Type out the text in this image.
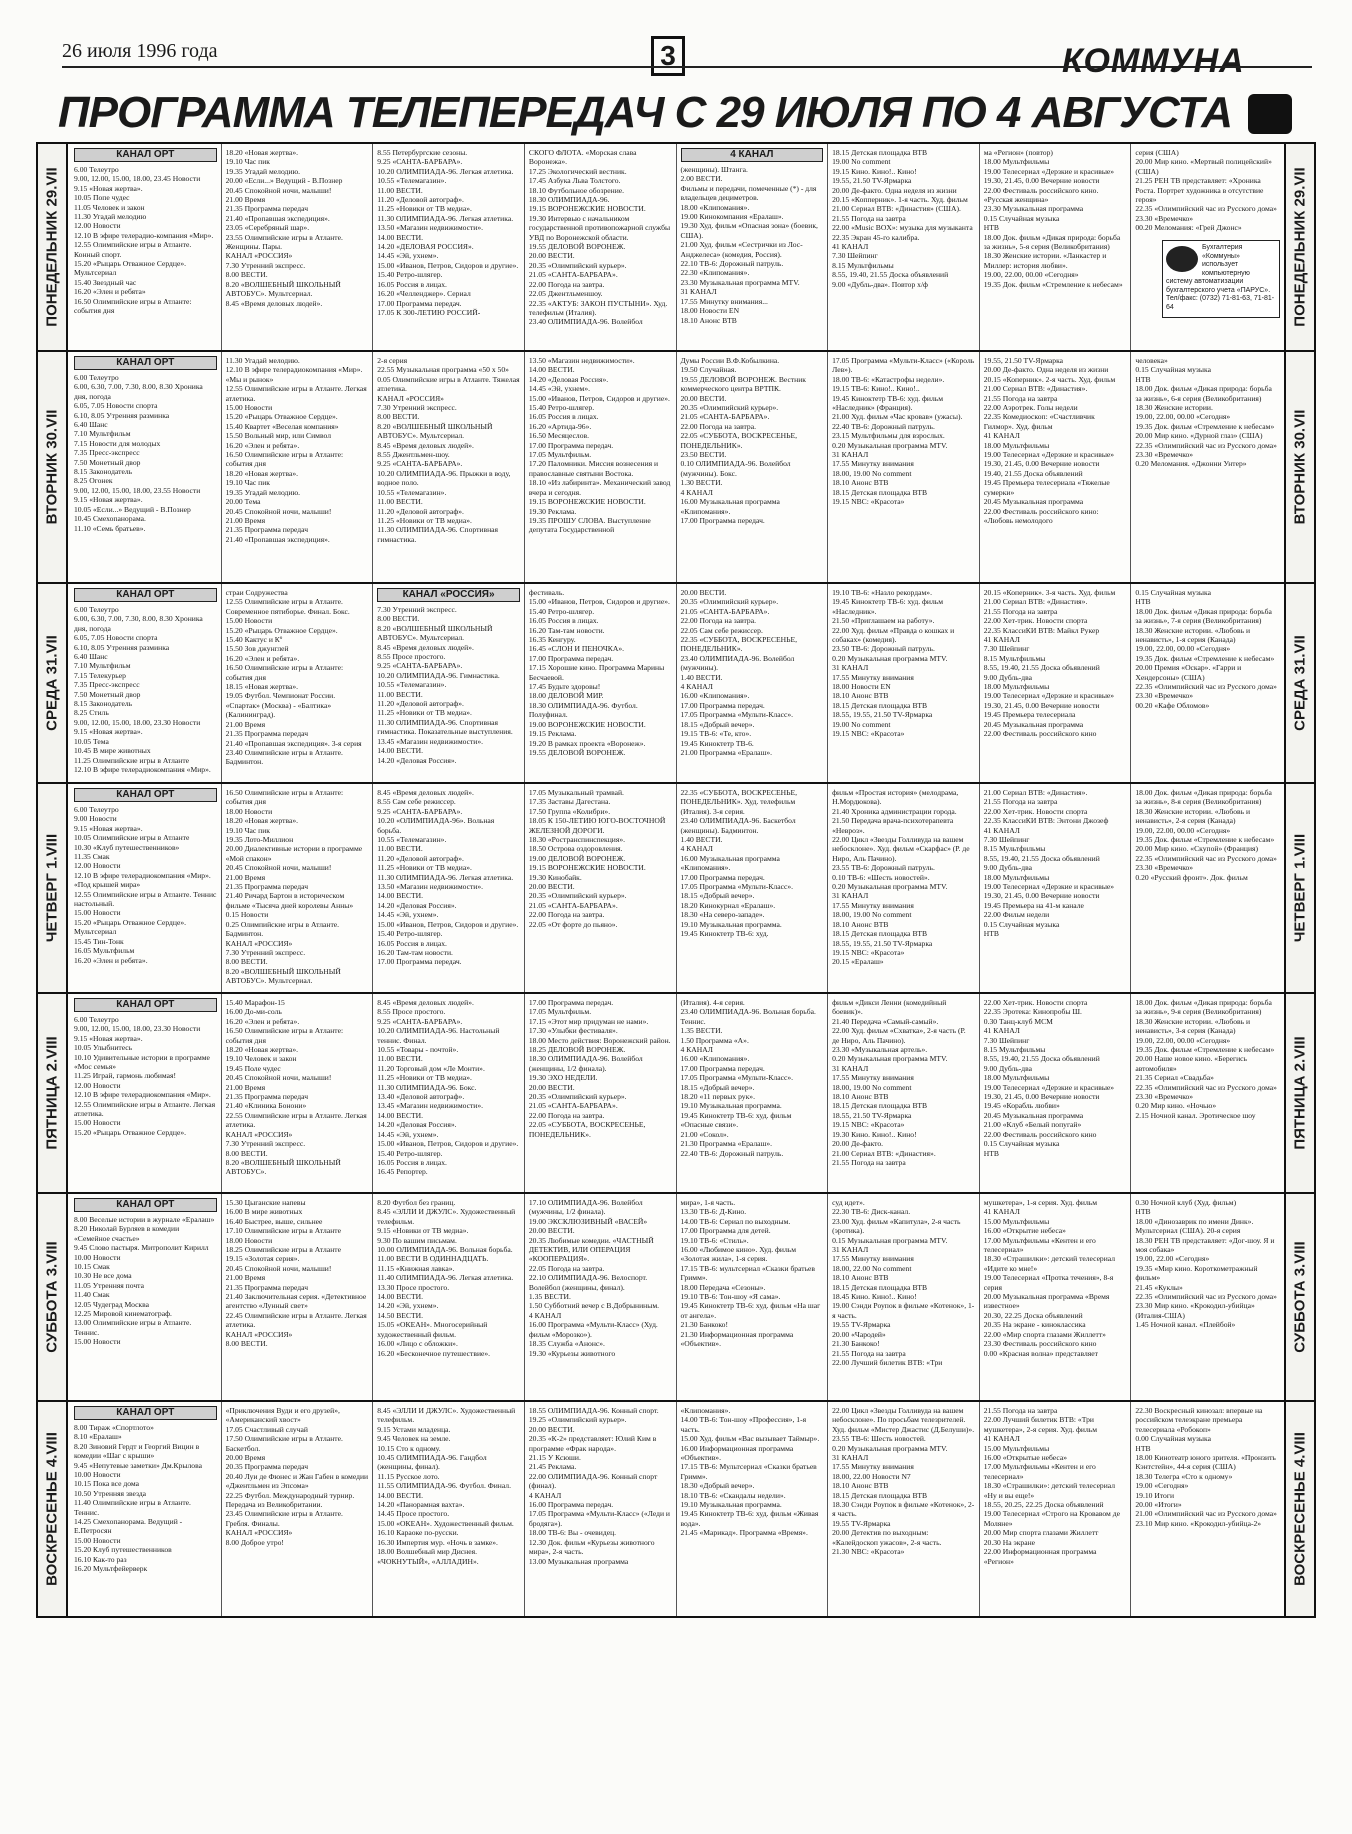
26 июля 1996 года	3	КОММУНА
ПРОГРАММА ТЕЛЕПЕРЕДАЧ С 29 ИЮЛЯ ПО 4 АВГУСТА
ПОНЕДЕЛЬНИК 29.VII
КАНАЛ ОРТ
6.00 Телеутро
9.00, 12.00, 15.00, 18.00, 23.45 Новости
9.15 «Новая жертва».
10.05 Попе чудес
11.05 Человек и закон
11.30 Угадай мелодию
12.00 Новости
12.10 В эфире телерадио-компания «Мир».
12.55 Олимпийские игры в Атланте. Конный спорт.
15.20 «Рыцарь Отважное Сердце». Мультсериал
15.40 Звездный час
16.20 «Элен и ребята»
16.50 Олимпийские игры в Атланте: события дня
18.20 «Новая жертва».
19.10 Час пик
19.35 Угадай мелодию.
20.00 «Если...» Ведущий - В.Познер
20.45 Спокойной ночи, малыши!
21.00 Время
21.35 Программа передач
21.40 «Пропавшая экспедиция».
23.05 «Серебряный шар».
23.55 Олимпийские игры в Атланте. Женщины. Пары.
КАНАЛ «РОССИЯ»
7.30 Утренний экспресс.
8.00 ВЕСТИ.
8.20 «ВОЛШЕБНЫЙ ШКОЛЬНЫЙ АВТОБУС». Мультсериал.
8.45 «Время деловых людей».
8.55 Петербургские сезоны.
9.25 «САНТА-БАРБАРА».
10.20 ОЛИМПИАДА-96. Легкая атлетика.
10.55 «Телемагазин».
11.00 ВЕСТИ.
11.20 «Деловой автограф».
11.25 «Новики от ТВ медиа».
11.30 ОЛИМПИАДА-96. Легкая атлетика.
13.50 «Магазин недвижимости».
14.00 ВЕСТИ.
14.20 «ДЕЛОВАЯ РОССИЯ».
14.45 «Эй, ухнем».
15.00 «Иванов, Петров, Сидоров и другие».
15.40 Ретро-шлягер.
16.05 Россия в лицах.
16.20 «Челленджер». Сериал
17.00 Программа передач.
17.05 К 300-ЛЕТИЮ РОССИЙ-
СКОГО ФЛОТА. «Морская слава Воронежа».
17.25 Экологический вестник.
17.45 Азбука Льва Толстого.
18.10 Футбольное обозрение.
18.30 ОЛИМПИАДА-96.
19.15 ВОРОНЕЖСКИЕ НОВОСТИ.
19.30 Интервью с начальником государственной противопожарной службы УВД по Воронежской области.
19.55 ДЕЛОВОЙ ВОРОНЕЖ.
20.00 ВЕСТИ.
20.35 «Олимпийский курьер».
21.05 «САНТА-БАРБАРА».
22.00 Погода на завтра.
22.05 Джентльменшоу.
22.35 «АКТУБ: ЗАКОН ПУСТЫНИ». Худ. телефильм (Италия).
23.40 ОЛИМПИАДА-96. Волейбол
4 КАНАЛ
(женщины). Штанга.
2.00 ВЕСТИ.
Фильмы и передачи, помеченные (*) - для владельцев дециметров.
18.00 «Клипомания».
19.00 Кинокомпания «Ералаш».
19.30 Худ. фильм «Опасная зона» (боевик, США).
21.00 Худ. фильм «Сестрички из Лос-Анджелеса» (комедия, Россия).
22.10 ТВ-6: Дорожный патруль.
22.30 «Клипомания».
23.30 Музыкальная программа MTV.
31 КАНАЛ
17.55 Минутку внимания...
18.00 Новости EN
18.10 Анонс ВТВ
18.15 Детская площадка ВТВ
19.00 No comment
19.15 Кино. Кино!.. Кино!
19.55, 21.50 TV-Ярмарка
20.00 Де-факто. Одна неделя из жизни
20.15 «Копперник». 1-я часть. Худ. фильм
21.00 Сериал ВТВ: «Династия» (США).
21.55 Погода на завтра
22.00 «Music BOX»: музыка для музыканта
22.35 Экран 45-го калибра.
41 КАНАЛ
7.30 Шейпинг
8.15 Мультфильмы
8.55, 19.40, 21.55 Доска объявлений
9.00 «Дубль-два». Повтор х/ф
ма «Регион» (повтор)
18.00 Мультфильмы
19.00 Телесериал «Дерзкие и красивые»
19.30, 21.45, 0.00 Вечерние новости
22.00 Фестиваль российского кино. «Русская женщина»
23.30 Музыкальная программа
0.15 Случайная музыка
НТВ
18.00 Док. фильм «Дикая природа: борьба за жизнь», 5-я серия (Великобритания)
18.30 Женские истории. «Ланкастер и Миллер: история любви».
19.00, 22.00, 00.00 «Сегодня»
19.35 Док. фильм «Стремление к небесам»
серия (США)
20.00 Мир кино. «Мертвый полицейский» (США)
21.25 РЕН ТВ представляет: «Хроника Роста. Портрет художника в отсутствие героя»
22.35 «Олимпийский час из Русского дома»
23.30 «Времечко»
00.20 Меломания: «Грей Джонс»	ПОНЕДЕЛЬНИК 29.VII
Бухгалтерия «Коммуны» использует компьютерную систему автоматизации бухгалтерского учета «ПАРУС». Тел/факс: (0732) 71-81-63, 71-81-64
ВТОРНИК 30.VII
КАНАЛ ОРТ
6.00 Телеутро
6.00, 6.30, 7.00, 7.30, 8.00, 8.30 Хроника дня, погода
6.05, 7.05 Новости спорта
6.10, 8.05 Утренняя разминка
6.40 Шанс
7.10 Мультфильм
7.15 Новости для молодых
7.35 Пресс-экспресс
7.50 Монетный двор
8.15 Законодатель
8.25 Огонек
9.00, 12.00, 15.00, 18.00, 23.55 Новости
9.15 «Новая жертва».
10.05 «Если...» Ведущий - В.Познер
10.45 Смехопанорама.
11.10 «Семь братьев».
11.30 Угадай мелодию.
12.10 В эфире телерадиокомпания «Мир». «Мы и рынок»
12.55 Олимпийские игры в Атланте. Легкая атлетика.
15.00 Новости
15.20 «Рыцарь Отважное Сердце».
15.40 Квартет «Веселая компания»
15.50 Вольный мир, или Символ
16.20 «Элен и ребята».
16.50 Олимпийские игры в Атланте: события дня
18.20 «Новая жертва».
19.10 Час пик
19.35 Угадай мелодию.
20.00 Тема
20.45 Спокойной ночи, малыши!
21.00 Время
21.35 Программа передач
21.40 «Пропавшая экспедиция».
2-я серия
22.55 Музыкальная программа «50 х 50»
0.05 Олимпийские игры в Атланте. Тяжелая атлетика.
КАНАЛ «РОССИЯ»
7.30 Утренний экспресс.
8.00 ВЕСТИ.
8.20 «ВОЛШЕБНЫЙ ШКОЛЬНЫЙ АВТОБУС». Мультсериал.
8.45 «Время деловых людей».
8.55 Джентльмен-шоу.
9.25 «САНТА-БАРБАРА».
10.20 ОЛИМПИАДА-96. Прыжки в воду, водное поло.
10.55 «Телемагазин».
11.00 ВЕСТИ.
11.20 «Деловой автограф».
11.25 «Новики от ТВ медиа».
11.30 ОЛИМПИАДА-96. Спортивная гимнастика.
13.50 «Магазин недвижимости».
14.00 ВЕСТИ.
14.20 «Деловая Россия».
14.45 «Эй, ухнем».
15.00 «Иванов, Петров, Сидоров и другие».
15.40 Ретро-шлягер.
16.05 Россия в лицах.
16.20 «Артида-96».
16.50 Месяцеслов.
17.00 Программа передач.
17.05 Мультфильм.
17.20 Паломники. Миссия вознесения и православные святыни Востока.
18.10 «Из лабиринта». Механический завод вчера и сегодня.
19.15 ВОРОНЕЖСКИЕ НОВОСТИ.
19.30 Реклама.
19.35 ПРОШУ СЛОВА. Выступление депутата Государственной
Думы России В.Ф.Кобылкина.
19.50 Случайная.
19.55 ДЕЛОВОЙ ВОРОНЕЖ. Вестник коммерческого центра ВРТПК.
20.00 ВЕСТИ.
20.35 «Олимпийский курьер».
21.05 «САНТА-БАРБАРА».
22.00 Погода на завтра.
22.05 «СУББОТА, ВОСКРЕСЕНЬЕ, ПОНЕДЕЛЬНИК».
23.50 ВЕСТИ.
0.10 ОЛИМПИАДА-96. Волейбол (мужчины). Бокс.
1.30 ВЕСТИ.
4 КАНАЛ
16.00 Музыкальная программа «Клипомания».
17.00 Программа передач.
17.05 Программа «Мульти-Класс» («Король Лев»).
18.00 ТВ-6: «Катастрофы недели».
19.15 ТВ-6: Кино!.. Кино!..
19.45 Киноктетр ТВ-6: худ. фильм «Наследник» (Франция).
21.00 Худ. фильм «Час кровав» (ужасы).
22.40 ТВ-6: Дорожный патруль.
23.15 Мультфильмы для взрослых.
0.20 Музыкальная программа MTV.
31 КАНАЛ
17.55 Минутку внимания
18.00, 19.00 No comment
18.10 Анонс ВТВ
18.15 Детская площадка ВТВ
19.15 NBC: «Красота»
19.55, 21.50 TV-Ярмарка
20.00 Де-факто. Одна неделя из жизни
20.15 «Коперник». 2-я часть. Худ. фильм
21.00 Сериал ВТВ: «Династия».
21.55 Погода на завтра
22.00 Аэротрек. Голы недели
22.35 Комедиоскоп: «Счастливчик Гилмор». Худ. фильм
41 КАНАЛ
18.00 Мультфильмы
19.00 Телесериал «Дерзкие и красивые»
19.30, 21.45, 0.00 Вечерние новости
19.40, 21.55 Доска объявлений
19.45 Премьера телесериала «Тяжелые сумерки»
20.45 Музыкальная программа
22.00 Фестиваль российского кино: «Любовь немолодого
человека»
0.15 Случайная музыка
НТВ
18.00 Док. фильм «Дикая природа: борьба за жизнь», 6-я серия (Великобритания)
18.30 Женские истории.
19.00, 22.00, 00.00 «Сегодня»
19.35 Док. фильм «Стремление к небесам»
20.00 Мир кино. «Дурной глаз» (США)
22.35 «Олимпийский час из Русского дома»
23.30 «Времечко»
0.20 Меломания. «Джонни Унтер»	ВТОРНИК 30.VII
СРЕДА 31.VII
КАНАЛ ОРТ
6.00 Телеутро
6.00, 6.30, 7.00, 7.30, 8.00, 8.30 Хроника дня, погода
6.05, 7.05 Новости спорта
6.10, 8.05 Утренняя разминка
6.40 Шанс
7.10 Мультфильм
7.15 Телекурьер
7.35 Пресс-экспресс
7.50 Монетный двор
8.15 Законодатель
8.25 Стиль
9.00, 12.00, 15.00, 18.00, 23.30 Новости
9.15 «Новая жертва».
10.05 Тема
10.45 В мире животных
11.25 Олимпийские игры в Атланте
12.10 В эфире телерадиокомпания «Мир».
страи Содружества
12.55 Олимпийские игры в Атланте. Современное пятиборье. Финал. Бокс.
15.00 Новости
15.20 «Рыцарь Отважное Сердце».
15.40 Кактус и Кº
15.50 Зов джунглей
16.20 «Элен и ребята».
16.50 Олимпийские игры в Атланте: события дня
18.15 «Новая жертва».
19.05 Футбол. Чемпионат России. «Спартак» (Москва) - «Балтика» (Калининград).
21.00 Время
21.35 Программа передач
21.40 «Пропавшая экспедиция». 3-я серия
23.40 Олимпийские игры в Атланте. Бадминтон.
КАНАЛ «РОССИЯ»
7.30 Утренний экспресс.
8.00 ВЕСТИ.
8.20 «ВОЛШЕБНЫЙ ШКОЛЬНЫЙ АВТОБУС». Мультсериал.
8.45 «Время деловых людей».
8.55 Просе простого.
9.25 «САНТА-БАРБАРА».
10.20 ОЛИМПИАДА-96. Гимнастика.
10.55 «Телемагазин».
11.00 ВЕСТИ.
11.20 «Деловой автограф».
11.25 «Новики от ТВ медиа».
11.30 ОЛИМПИАДА-96. Спортивная гимнастика. Показательные выступления.
13.45 «Магазин недвижимости».
14.00 ВЕСТИ.
14.20 «Деловая Россия».
фестиваль.
15.00 «Иванов, Петров, Сидоров и другие».
15.40 Ретро-шлягер.
16.05 Россия в лицах.
16.20 Там-там новости.
16.35 Кенгуру.
16.45 «СЛОН И ПЕНОЧКА».
17.00 Программа передач.
17.15 Хорошие кино. Программа Марины Бесчаевой.
17.45 Будьте здоровы!
18.00 ДЕЛОВОЙ МИР.
18.30 ОЛИМПИАДА-96. Футбол. Полуфинал.
19.00 ВОРОНЕЖСКИЕ НОВОСТИ.
19.15 Реклама.
19.20 В рамках проекта «Воронеж».
19.55 ДЕЛОВОЙ ВОРОНЕЖ.
20.00 ВЕСТИ.
20.35 «Олимпийский курьер».
21.05 «САНТА-БАРБАРА».
22.00 Погода на завтра.
22.05 Сам себе режиссер.
22.35 «СУББОТА, ВОСКРЕСЕНЬЕ, ПОНЕДЕЛЬНИК».
23.40 ОЛИМПИАДА-96. Волейбол (мужчины).
1.40 ВЕСТИ.
4 КАНАЛ
16.00 «Клипомания».
17.00 Программа передач.
17.05 Программа «Мульти-Класс».
18.15 «Добрый вечер».
19.15 ТВ-6: «Те, кто».
19.45 Киноктетр ТВ-6.
21.00 Программа «Ералаш».
19.10 ТВ-6: «Назло рекордам».
19.45 Киноктетр ТВ-6: худ. фильм «Наследник».
21.50 «Приглашаем на работу».
22.00 Худ. фильм «Правда о кошках и собаках» (комедия).
23.50 ТВ-6: Дорожный патруль.
0.20 Музыкальная программа MTV.
31 КАНАЛ
17.55 Минутку внимания
18.00 Новости EN
18.10 Анонс ВТВ
18.15 Детская площадка ВТВ
18.55, 19.55, 21.50 TV-Ярмарка
19.00 No comment
19.15 NBC: «Красота»
20.15 «Коперник». 3-я часть. Худ. фильм
21.00 Сериал ВТВ: «Династия».
21.55 Погода на завтра
22.00 Хет-трик. Новости спорта
22.35 КлассиКИ ВТВ: Майкл Рукер
41 КАНАЛ
7.30 Шейпинг
8.15 Мультфильмы
8.55, 19.40, 21.55 Доска объявлений
9.00 Дубль-два
18.00 Мультфильмы
19.00 Телесериал «Дерзкие и красивые»
19.30, 21.45, 0.00 Вечерние новости
19.45 Премьера телесериала
20.45 Музыкальная программа
22.00 Фестиваль российского кино
0.15 Случайная музыка
НТВ
18.00 Док. фильм «Дикая природа: борьба за жизнь», 7-я серия (Великобритания)
18.30 Женские истории. «Любовь и ненависть», 1-я серия (Канада)
19.00, 22.00, 00.00 «Сегодня»
19.35 Док. фильм «Стремление к небесам»
20.00 Премия «Оскар». «Гарри и Хендерсоны» (США)
22.35 «Олимпийский час из Русского дома»
23.30 «Времечко»
00.20 «Кафе Обломов»	СРЕДА 31.VII
ЧЕТВЕРГ 1.VIII
КАНАЛ ОРТ
6.00 Телеутро
9.00 Новости
9.15 «Новая жертва».
10.05 Олимпийские игры в Атланте
10.30 «Клуб путешественников»
11.35 Смак
12.00 Новости
12.10 В эфире телерадиокомпания «Мир». «Под крышей мира»
12.55 Олимпийские игры в Атланте. Теннис настольный.
15.00 Новости
15.20 «Рыцарь Отважное Сердце». Мультсериал
15.45 Тин-Тонк
16.05 Мультфильм
16.20 «Элен и ребята».
16.50 Олимпийские игры в Атланте: события дня
18.00 Новости
18.20 «Новая жертва».
19.10 Час пик
19.35 Лото-Миллион
20.00 Диалективные истории в программе «Мой спакон»
20.45 Спокойной ночи, малыши!
21.00 Время
21.35 Программа передач
21.40 Ричард Бартон в историческом фильме «Тысяча дней королевы Анны»
0.15 Новости
0.25 Олимпийские игры в Атланте. Бадминтон.
КАНАЛ «РОССИЯ»
7.30 Утренний экспресс.
8.00 ВЕСТИ.
8.20 «ВОЛШЕБНЫЙ ШКОЛЬНЫЙ АВТОБУС». Мультсериал.
8.45 «Время деловых людей».
8.55 Сам себе режиссер.
9.25 «САНТА-БАРБАРА».
10.20 «ОЛИМПИАДА-96». Вольная борьба.
10.55 «Телемагазин».
11.00 ВЕСТИ.
11.20 «Деловой автограф».
11.25 «Новики от ТВ медиа».
11.30 ОЛИМПИАДА-96. Легкая атлетика.
13.50 «Магазин недвижимости».
14.00 ВЕСТИ.
14.20 «Деловая Россия».
14.45 «Эй, ухнем».
15.00 «Иванов, Петров, Сидоров и другие».
15.40 Ретро-шлягер.
16.05 Россия в лицах.
16.20 Там-там новости.
17.00 Программа передач.
17.05 Музыкальный трамвай.
17.35 Заставы Дагестана.
17.50 Группа «Колибри».
18.05 К 150-ЛЕТИЮ ЮГО-ВОСТОЧНОЙ ЖЕЛЕЗНОЙ ДОРОГИ.
18.30 «Ространспинспекция».
18.50 Острова оздоровления.
19.00 ДЕЛОВОЙ ВОРОНЕЖ.
19.15 ВОРОНЕЖСКИЕ НОВОСТИ.
19.30 Кинобайк.
20.00 ВЕСТИ.
20.35 «Олимпийский курьер».
21.05 «САНТА-БАРБАРА».
22.00 Погода на завтра.
22.05 «От форте до пьяно».
22.35 «СУББОТА, ВОСКРЕСЕНЬЕ, ПОНЕДЕЛЬНИК». Худ. телефильм (Италия). 3-я серия.
23.40 ОЛИМПИАДА-96. Баскетбол (женщины). Бадминтон.
1.40 ВЕСТИ.
4 КАНАЛ
16.00 Музыкальная программа «Клипомания».
17.00 Программа передач.
17.05 Программа «Мульти-Класс».
18.15 «Добрый вечер».
18.20 Кинокурнал «Ералаш».
18.30 «На северо-западе».
19.10 Музыкальная программа.
19.45 Киноктетр ТВ-6: худ.
фильм «Простая история» (мелодрама, Н.Мордюкова).
21.40 Хроника администрации города.
21.50 Передача врача-психотерапевта «Невроз».
22.00 Цикл «Звезды Голливуда на вашем небосклоне». Худ. фильм «Скарфас» (Р. де Ниро, Аль Пачино).
23.55 ТВ-6: Дорожный патруль.
0.10 ТВ-6: «Шесть новостей».
0.20 Музыкальная программа MTV.
31 КАНАЛ
17.55 Минутку внимания
18.00, 19.00 No comment
18.10 Анонс ВТВ
18.15 Детская площадка ВТВ
18.55, 19.55, 21.50 TV-Ярмарка
19.15 NBC: «Красота»
20.15 «Ералаш»
21.00 Сериал ВТВ: «Династия».
21.55 Погода на завтра
22.00 Хет-трик. Новости спорта
22.35 КлассиКИ ВТВ: Энтони Джозеф
41 КАНАЛ
7.30 Шейпинг
8.15 Мультфильмы
8.55, 19.40, 21.55 Доска объявлений
9.00 Дубль-два
18.00 Мультфильмы
19.00 Телесериал «Дерзкие и красивые»
19.30, 21.45, 0.00 Вечерние новости
19.45 Премьера на 41-м канале
22.00 Фильм недели
0.15 Случайная музыка
НТВ
18.00 Док. фильм «Дикая природа: борьба за жизнь», 8-я серия (Великобритания)
18.30 Женские истории. «Любовь и ненависть», 2-я серия (Канада)
19.00, 22.00, 00.00 «Сегодня»
19.35 Док. фильм «Стремление к небесам»
20.00 Мир кино. «Скупой» (Франция)
22.35 «Олимпийский час из Русского дома»
23.30 «Времечко»
0.20 «Русский фронт». Док. фильм	ЧЕТВЕРГ 1.VIII
ПЯТНИЦА 2.VIII
КАНАЛ ОРТ
6.00 Телеутро
9.00, 12.00, 15.00, 18.00, 23.30 Новости
9.15 «Новая жертва».
10.05 Улыбнитесь
10.10 Удивительные истории в программе «Мос семья»
11.25 Играй, гармонь любимая!
12.00 Новости
12.10 В эфире телерадиокомпания «Мир».
12.55 Олимпийские игры в Атланте. Легкая атлетика.
15.00 Новости
15.20 «Рыцарь Отважное Сердце».
15.40 Марафон-15
16.00 До-ми-соль
16.20 «Элен и ребята».
16.50 Олимпийские игры в Атланте: события дня
18.20 «Новая жертва».
19.10 Человек и закон
19.45 Поле чудес
20.45 Спокойной ночи, малыши!
21.00 Время
21.35 Программа передач
21.40 «Клиника Бонони»
22.55 Олимпийские игры в Атланте. Легкая атлетика.
КАНАЛ «РОССИЯ»
7.30 Утренний экспресс.
8.00 ВЕСТИ.
8.20 «ВОЛШЕБНЫЙ ШКОЛЬНЫЙ АВТОБУС».
8.45 «Время деловых людей».
8.55 Просе простого.
9.25 «САНТА-БАРБАРА».
10.20 ОЛИМПИАДА-96. Настольный теннис. Финал.
10.55 «Товары - почтой».
11.00 ВЕСТИ.
11.20 Торговый дом «Ле Монти».
11.25 «Новики от ТВ медиа».
11.30 ОЛИМПИАДА-96. Бокс.
13.40 «Деловой автограф».
13.45 «Магазин недвижимости».
14.00 ВЕСТИ.
14.20 «Деловая Россия».
14.45 «Эй, ухнем».
15.00 «Иванов, Петров, Сидоров и другие».
15.40 Ретро-шлягер.
16.05 Россия в лицах.
16.45 Репортер.
17.00 Программа передач.
17.05 Мультфильм.
17.15 «Этот мир придуман не нами».
17.30 «Улыбки фестиваля».
18.00 Место действия: Воронежский район.
18.25 ДЕЛОВОЙ ВОРОНЕЖ.
18.30 ОЛИМПИАДА-96. Волейбол (женщины, 1/2 финала).
19.30 ЭХО НЕДЕЛИ.
20.00 ВЕСТИ.
20.35 «Олимпийский курьер».
21.05 «САНТА-БАРБАРА».
22.00 Погода на завтра.
22.05 «СУББОТА, ВОСКРЕСЕНЬЕ, ПОНЕДЕЛЬНИК».
(Италия). 4-я серия.
23.40 ОЛИМПИАДА-96. Вольная борьба. Теннис.
1.35 ВЕСТИ.
1.50 Программа «А».
4 КАНАЛ
16.00 «Клипомания».
17.00 Программа передач.
17.05 Программа «Мульти-Класс».
18.15 «Добрый вечер».
18.20 «11 первых рук».
19.10 Музыкальная программа.
19.45 Киноктетр ТВ-6: худ. фильм «Опасные связи».
21.00 «Сокол».
21.30 Программа «Ералаш».
22.40 ТВ-6: Дорожный патруль.
фильм «Дикси Ленни (комедийный боевик)».
21.40 Передача «Самый-самый».
22.00 Худ. фильм «Схватка», 2-я часть (Р. де Ниро, Аль Пачино).
23.30 «Музыкальная артель».
0.20 Музыкальная программа MTV.
31 КАНАЛ
17.55 Минутку внимания
18.00, 19.00 No comment
18.10 Анонс ВТВ
18.15 Детская площадка ВТВ
18.55, 21.50 TV-Ярмарка
19.15 NBC: «Красота»
19.30 Кино. Кино!.. Кино!
20.00 Де-факто.
21.00 Сериал ВТВ: «Династия».
21.55 Погода на завтра
22.00 Хет-трик. Новости спорта
22.35 Эротека: Кинопробы Ш.
0.30 Танц-клуб МСМ
41 КАНАЛ
7.30 Шейпинг
8.15 Мультфильмы
8.55, 19.40, 21.55 Доска объявлений
9.00 Дубль-два
18.00 Мультфильмы
19.00 Телесериал «Дерзкие и красивые»
19.30, 21.45, 0.00 Вечерние новости
19.45 «Корабль любви»
20.45 Музыкальная программа
21.00 «Клуб «Белый попугай»
22.00 Фестиваль российского кино
0.15 Случайная музыка
НТВ
18.00 Док. фильм «Дикая природа: борьба за жизнь», 9-я серия (Великобритания)
18.30 Женские истории. «Любовь и ненависть», 3-я серия (Канада)
19.00, 22.00, 00.00 «Сегодня»
19.35 Док. фильм «Стремление к небесам»
20.00 Наше новое кино. «Берегись автомобиля»
21.35 Сериал «Свадьба»
22.35 «Олимпийский час из Русского дома»
23.30 «Времечко»
0.20 Мир кино. «Ночью»
2.15 Ночной канал. Эротическое шоу	ПЯТНИЦА 2.VIII
СУББОТА 3.VIII
КАНАЛ ОРТ
8.00 Веселые истории в журнале «Ералаш»
8.20 Николай Бурляев в комедии «Семейное счастье»
9.45 Слово пастыря. Митрополит Кирилл
10.00 Новости
10.15 Смак
10.30 Не все дома
11.05 Утренняя почта
11.40 Смак
12.05 Чудеград Москва
12.25 Мировой кинематограф.
13.00 Олимпийские игры в Атланте. Теннис.
15.00 Новости
15.30 Цыганские напевы
16.00 В мире животных
16.40 Быстрее, выше, сильнее
17.10 Олимпийские игры в Атланте
18.00 Новости
18.25 Олимпийские игры в Атланте
19.15 «Золотая серия».
20.45 Спокойной ночи, малыши!
21.00 Время
21.35 Программа передач
21.40 Заключительная серия. «Детективное агентство «Лунный свет»
22.45 Олимпийские игры в Атланте. Легкая атлетика.
КАНАЛ «РОССИЯ»
8.00 ВЕСТИ.
8.20 Футбол без границ.
8.45 «ЭЛЛИ И ДЖУЛС». Художественный телефильм.
9.15 «Новики от ТВ медиа».
9.30 По вашим письмам.
10.00 ОЛИМПИАДА-96. Вольная борьба.
11.00 ВЕСТИ В ОДИННАДЦАТЬ.
11.15 «Книжная лавка».
11.40 ОЛИМПИАДА-96. Легкая атлетика.
13.30 Просе простого.
14.00 ВЕСТИ.
14.20 «Эй, ухнем».
14.50 ВЕСТИ.
15.05 «ОКЕАН». Многосерийный художественный фильм.
16.00 «Лицо с обложки».
16.20 «Бесконечное путешествие».
17.10 ОЛИМПИАДА-96. Волейбол (мужчины, 1/2 финала).
19.00 ЭКСКЛЮЗИВНЫЙ «ВАСЕЙ»
20.00 ВЕСТИ.
20.35 Любимые комедии. «ЧАСТНЫЙ ДЕТЕКТИВ, ИЛИ ОПЕРАЦИЯ «КООПЕРАЦИЯ».
22.05 Погода на завтра.
22.10 ОЛИМПИАДА-96. Велоспорт. Волейбол (женщины, финал).
1.35 ВЕСТИ.
1.50 Субботний вечер с В.Добрыниным.
4 КАНАЛ
16.00 Программа «Мульти-Класс» (Худ. фильм «Морозко»).
18.35 Служба «Анонс».
19.30 «Курьезы животного
мира», 1-я часть.
13.30 ТВ-6: Д-Кино.
14.00 ТВ-6: Сериал по выходным.
17.00 Программа для детей.
19.10 ТВ-6: «Стиль».
16.00 «Любимое кино». Худ. фильм «Золотая жила», 1-я серия.
17.15 ТВ-6: мультсериал «Сказки братьев Гримм».
18.00 Передача «Сезоны».
19.10 ТВ-6: Тон-шоу «Я сама».
19.45 Киноктетр ТВ-6: худ. фильм «На шаг от ангела».
21.30 Банкоко!
21.30 Информационная программа «Объектив».
суд идет».
22.30 ТВ-6: Диск-канал.
23.00 Худ. фильм «Капитула», 2-я часть (эротика).
0.15 Музыкальная программа MTV.
31 КАНАЛ
17.55 Минутку внимания
18.00, 22.00 No comment
18.10 Анонс ВТВ
18.15 Детская площадка ВТВ
18.45 Кино. Кино!.. Кино!
19.00 Сэнди Роупок в фильме «Котенок», 1-я часть.
19.55 TV-Ярмарка
20.00 «Чародей»
21.30 Банкоко!
21.55 Погода на завтра
22.00 Лучший билетик ВТВ: «Три
мушкетера», 1-я серия. Худ. фильм
41 КАНАЛ
15.00 Мультфильмы
16.00 «Открытие небеса»
17.00 Мультфильмы «Кентен и его телесериал»
18.30 «Страшилки»: детский телесериал «Идите ко мне!»
19.00 Телесериал «Протка течения», 8-я серия
20.00 Музыкальная программа «Время известное»
20.30, 22.25 Доска объявлений
20.35 На экране - киноклассика
22.00 «Мир спорта глазами Жиллетт»
23.30 Фестиваль российского кино
0.00 «Красная волна» представляет
0.30 Ночной клуб (Худ. фильм)
НТВ
18.00 «Динозаврик по имени Динк». Мультсериал (США). 20-я серия
18.30 РЕН ТВ представляет: «Дог-шоу. Я и моя собака»
19.00, 22.00 «Сегодня»
19.35 «Мир кино. Короткометражный фильм»
21.45 «Куклы»
22.35 «Олимпийский час из Русского дома»
23.30 Мир кино. «Крокодил-убийца» (Италия-США)
1.45 Ночной канал. «Плейбой»	СУББОТА 3.VIII
ВОСКРЕСЕНЬЕ 4.VIII
КАНАЛ ОРТ
8.00 Тираж «Спортлото»
8.10 «Ералаш»
8.20 Зиновий Гердт и Георгий Вицин в комедии «Шаг с крыши»
9.45 «Непутевые заметки» Дм.Крылова
10.00 Новости
10.15 Пока все дома
10.50 Утренняя звезда
11.40 Олимпийские игры в Атланте. Теннис.
14.25 Смехопанорама. Ведущий - Е.Петросян
15.00 Новости
15.20 Клуб путешественников
16.10 Как-то раз
16.20 Мультфейерверк
«Приключения Вуди и его друзей», «Американский хвост»
17.05 Счастливый случай
17.50 Олимпийские игры в Атланте. Баскетбол.
20.00 Время
20.35 Программа передач
20.40 Луи де Фюнес и Жан Габен в комедии «Джентльмен из Эпсома»
22.25 Футбол. Международный турнир. Передача из Великобритании.
23.45 Олимпийские игры в Атланте. Гребля. Финалы.
КАНАЛ «РОССИЯ»
8.00 Доброе утро!
8.45 «ЭЛЛИ И ДЖУЛС». Художественный телефильм.
9.15 Устами младенца.
9.45 Человек на земле.
10.15 Сто к одному.
10.45 ОЛИМПИАДА-96. Гандбол (женщины, финал).
11.15 Русское лото.
11.55 ОЛИМПИАДА-96. Футбол. Финал.
14.00 ВЕСТИ.
14.20 «Панорамная вахта».
14.45 Просе простого.
15.00 «ОКЕАН». Художественный фильм.
16.10 Караоке по-русски.
16.30 Импертия мур. «Ночь в замке».
18.00 Волшебный мир Диснея. «ЧОКНУТЫЙ», «АЛЛАДИН».
18.55 ОЛИМПИАДА-96. Конный спорт.
19.25 «Олимпийский курьер».
20.00 ВЕСТИ.
20.35 «К-2» представляет: Юлий Ким в программе «Фрак народа».
21.15 У Ксюши.
21.45 Реклама.
22.00 ОЛИМПИАДА-96. Конный спорт (финал).
4 КАНАЛ
16.00 Программа передач.
17.05 Программа «Мульти-Класс» («Леди и бродяга»).
18.00 ТВ-6: Вы - очевидец.
12.30 Док. фильм «Курьезы животного мира», 2-я часть.
13.00 Музыкальная программа
«Клипомания».
14.00 ТВ-6: Тон-шоу «Профессия», 1-я часть.
15.00 Худ. фильм «Вас вызывает Таймыр».
16.00 Информационная программа «Объектив».
17.15 ТВ-6: Мультсериал «Сказки братьев Гримм».
18.30 «Добрый вечер».
18.10 ТВ-6: «Скандалы недели».
19.10 Музыкальная программа.
19.45 Киноктетр ТВ-6: худ. фильм «Живая вода».
21.45 «Марикад». Программа «Время».
22.00 Цикл «Звезды Голливуда на вашем небосклоне». По просьбам телезрителей. Худ. фильм «Мистер Джастис (Д.Белуши)».
23.55 ТВ-6: Шесть новостей.
0.20 Музыкальная программа MTV.
31 КАНАЛ
17.55 Минутку внимания
18.00, 22.00 Новости N7
18.10 Анонс ВТВ
18.15 Детская площадка ВТВ
18.30 Сэнди Роупок в фильме «Котенок», 2-я часть.
19.55 TV-Ярмарка
20.00 Детектив по выходным: «Калейдоскоп ужасов», 2-я часть.
21.30 NBC: «Красота»
21.55 Погода на завтра
22.00 Лучший билетик ВТВ: «Три мушкетера», 2-я серия. Худ. фильм
41 КАНАЛ
15.00 Мультфильмы
16.00 «Открытые небеса»
17.00 Мультфильмы «Кентен и его телесериал»
18.30 «Страшилки»: детский телесериал «Ну и вы еще!»
18.55, 20.25, 22.25 Доска объявлений
19.00 Телесериал «Строго на Кровавом де Моляне»
20.00 Мир спорта глазами Жиллетт
20.30 На экране
22.00 Информационная программа «Регион»
22.30 Воскресный кинозал: впервые на российском телеэкране премьера телесериала «Робокоп»
0.00 Случайная музыка
НТВ
18.00 Кинотеатр юного зрителя. «Пронзить Кэнтстейн», 44-я серия (США)
18.30 Телегра «Сто к одному»
19.00 «Сегодня»
19.10 Итоги
20.00 «Итоги»
21.00 «Олимпийский час из Русского дома»
23.10 Мир кино. «Крокодил-убийца-2»	ВОСКРЕСЕНЬЕ 4.VIII
